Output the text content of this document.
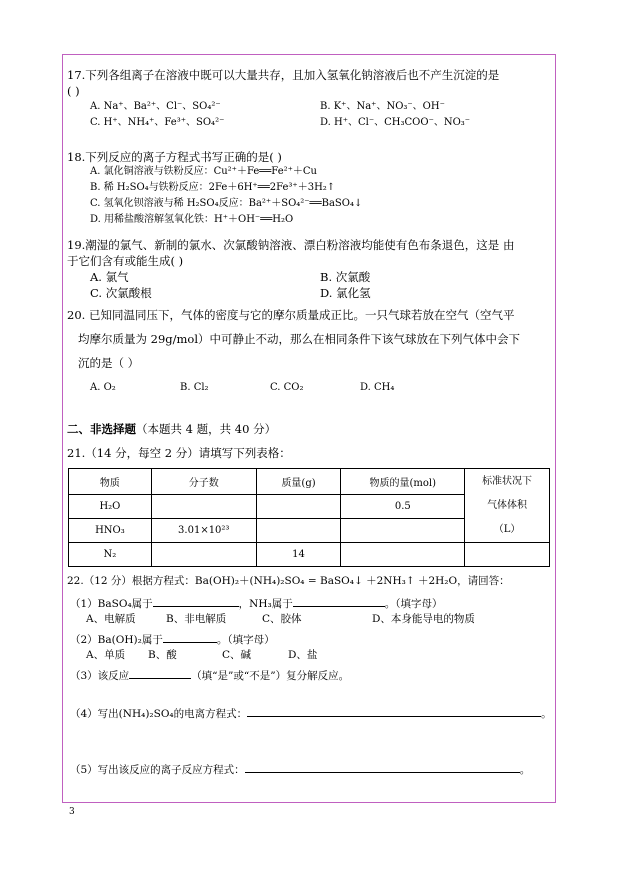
17.下列各组离子在溶液中既可以大量共存，且加入氢氧化钠溶液后也不产生沉淀的是
( )
A. Na⁺、Ba²⁺、Cl⁻、SO₄²⁻	B. K⁺、Na⁺、NO₃⁻、OH⁻
C. H⁺、NH₄⁺、Fe³⁺、SO₄²⁻	D. H⁺、Cl⁻、CH₃COO⁻、NO₃⁻
18.下列反应的离子方程式书写正确的是( )
A. 氯化铜溶液与铁粉反应：Cu²⁺＋Fe══Fe²⁺＋Cu
B. 稀 H₂SO₄与铁粉反应：2Fe＋6H⁺══2Fe³⁺＋3H₂↑
C. 氢氧化钡溶液与稀 H₂SO₄反应：Ba²⁺＋SO₄²⁻══BaSO₄↓
D. 用稀盐酸溶解氢氧化铁：H⁺＋OH⁻══H₂O
19.潮湿的氯气、新制的氯水、次氯酸钠溶液、漂白粉溶液均能使有色布条退色，这是 由
于它们含有或能生成( )
A. 氯气	B. 次氯酸
C. 次氯酸根	D. 氯化氢
20. 已知同温同压下，气体的密度与它的摩尔质量成正比。一只气球若放在空气（空气平
均摩尔质量为 29g/mol）中可静止不动，那么在相同条件下该气球放在下列气体中会下
沉的是（ ）
A. O₂	B. Cl₂	C. CO₂	D. CH₄
二、非选择题（本题共 4 题，共 40 分）
21.（14 分，每空 2 分）请填写下列表格：
物质	分子数	质量(g)	物质的量(mol)	标准状况下
气体体积
（L）

H₂O			0.5	
HNO₃	3.01×10²³			
N₂		14		
22.（12 分）根据方程式：Ba(OH)₂＋(NH₄)₂SO₄ = BaSO₄↓ ＋2NH₃↑ ＋2H₂O，请回答：
（1）BaSO₄属于	，NH₃属于	。（填字母）
A、电解质	B、非电解质	C、胶体	D、本身能导电的物质
（2）Ba(OH)₂属于	。（填字母）
A、单质 B、酸	C、碱	D、盐
（3）该反应	（填“是”或“不是”）复分解反应。
（4）写出(NH₄)₂SO₄的电离方程式：	。
（5）写出该反应的离子反应方程式：	。
3
